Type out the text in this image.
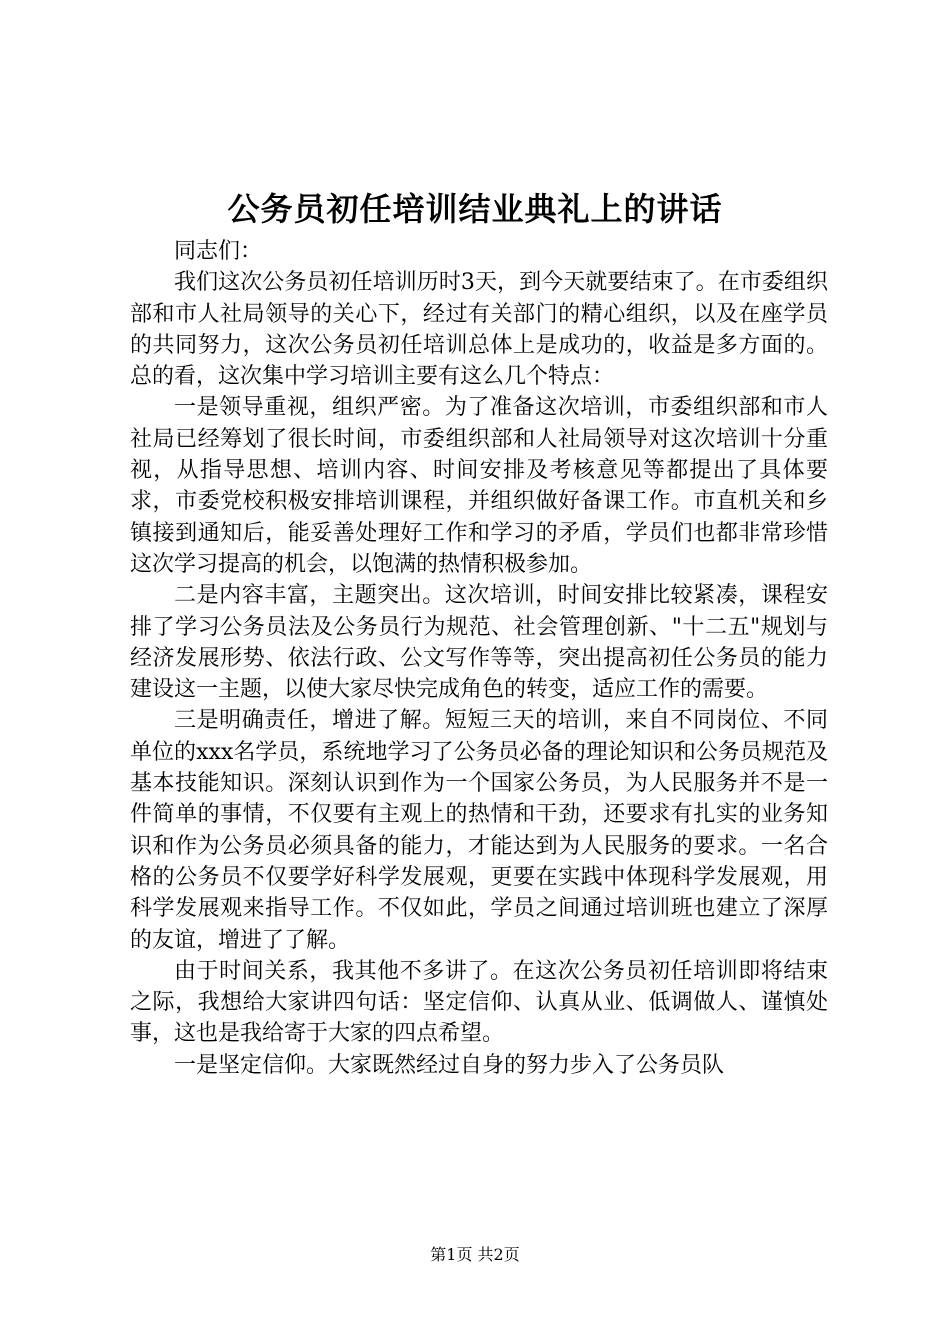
公务员初任培训结业典礼上的讲话

同志们：

我们这次公务员初任培训历时3天，到今天就要结束了。在市委组织部和市人社局领导的关心下，经过有关部门的精心组织，以及在座学员的共同努力，这次公务员初任培训总体上是成功的，收益是多方面的。总的看，这次集中学习培训主要有这么几个特点：

一是领导重视，组织严密。为了准备这次培训，市委组织部和市人社局已经筹划了很长时间，市委组织部和人社局领导对这次培训十分重视，从指导思想、培训内容、时间安排及考核意见等都提出了具体要求，市委党校积极安排培训课程，并组织做好备课工作。市直机关和乡镇接到通知后，能妥善处理好工作和学习的矛盾，学员们也都非常珍惜这次学习提高的机会，以饱满的热情积极参加。

二是内容丰富，主题突出。这次培训，时间安排比较紧凑，课程安排了学习公务员法及公务员行为规范、社会管理创新、"十二五"规划与经济发展形势、依法行政、公文写作等等，突出提高初任公务员的能力建设这一主题，以使大家尽快完成角色的转变，适应工作的需要。

三是明确责任，增进了解。短短三天的培训，来自不同岗位、不同单位的xxx名学员，系统地学习了公务员必备的理论知识和公务员规范及基本技能知识。深刻认识到作为一个国家公务员，为人民服务并不是一件简单的事情，不仅要有主观上的热情和干劲，还要求有扎实的业务知识和作为公务员必须具备的能力，才能达到为人民服务的要求。一名合格的公务员不仅要学好科学发展观，更要在实践中体现科学发展观，用科学发展观来指导工作。不仅如此，学员之间通过培训班也建立了深厚的友谊，增进了了解。

由于时间关系，我其他不多讲了。在这次公务员初任培训即将结束之际，我想给大家讲四句话：坚定信仰、认真从业、低调做人、谨慎处事，这也是我给寄于大家的四点希望。

一是坚定信仰。大家既然经过自身的努力步入了公务员队

第1页 共2页
